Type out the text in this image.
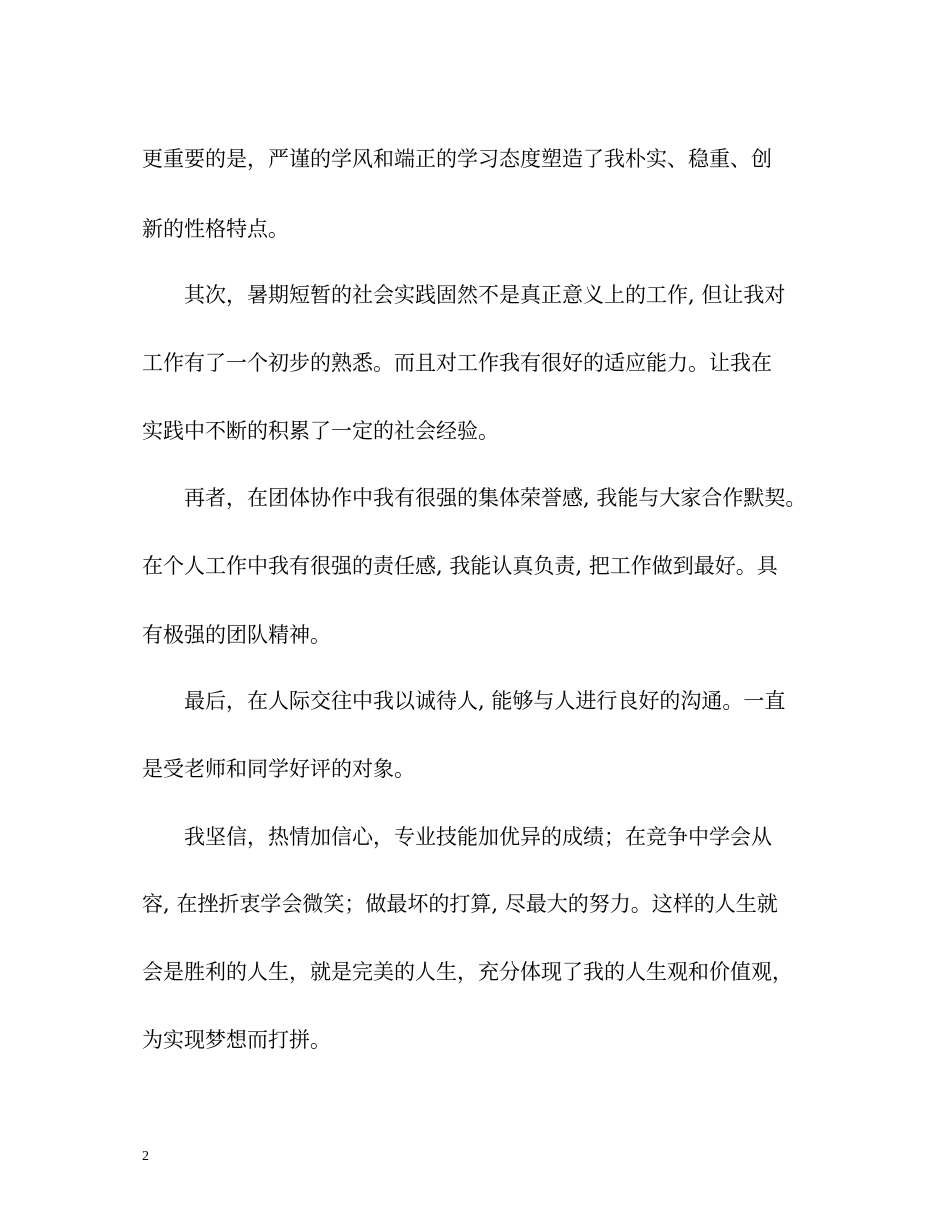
更重要的是，严谨的学风和端正的学习态度塑造了我朴实、稳重、创
新的性格特点。
其次，暑期短暂的社会实践固然不是真正意义上的工作, 但让我对
工作有了一个初步的熟悉。而且对工作我有很好的适应能力。让我在
实践中不断的积累了一定的社会经验。
再者，在团体协作中我有很强的集体荣誉感, 我能与大家合作默契。
在个人工作中我有很强的责任感, 我能认真负责, 把工作做到最好。具
有极强的团队精神。
最后，在人际交往中我以诚待人, 能够与人进行良好的沟通。一直
是受老师和同学好评的对象。
我坚信，热情加信心，专业技能加优异的成绩；在竞争中学会从
容, 在挫折衷学会微笑；做最坏的打算, 尽最大的努力。这样的人生就
会是胜利的人生，就是完美的人生，充分体现了我的人生观和价值观，
为实现梦想而打拼。
2
